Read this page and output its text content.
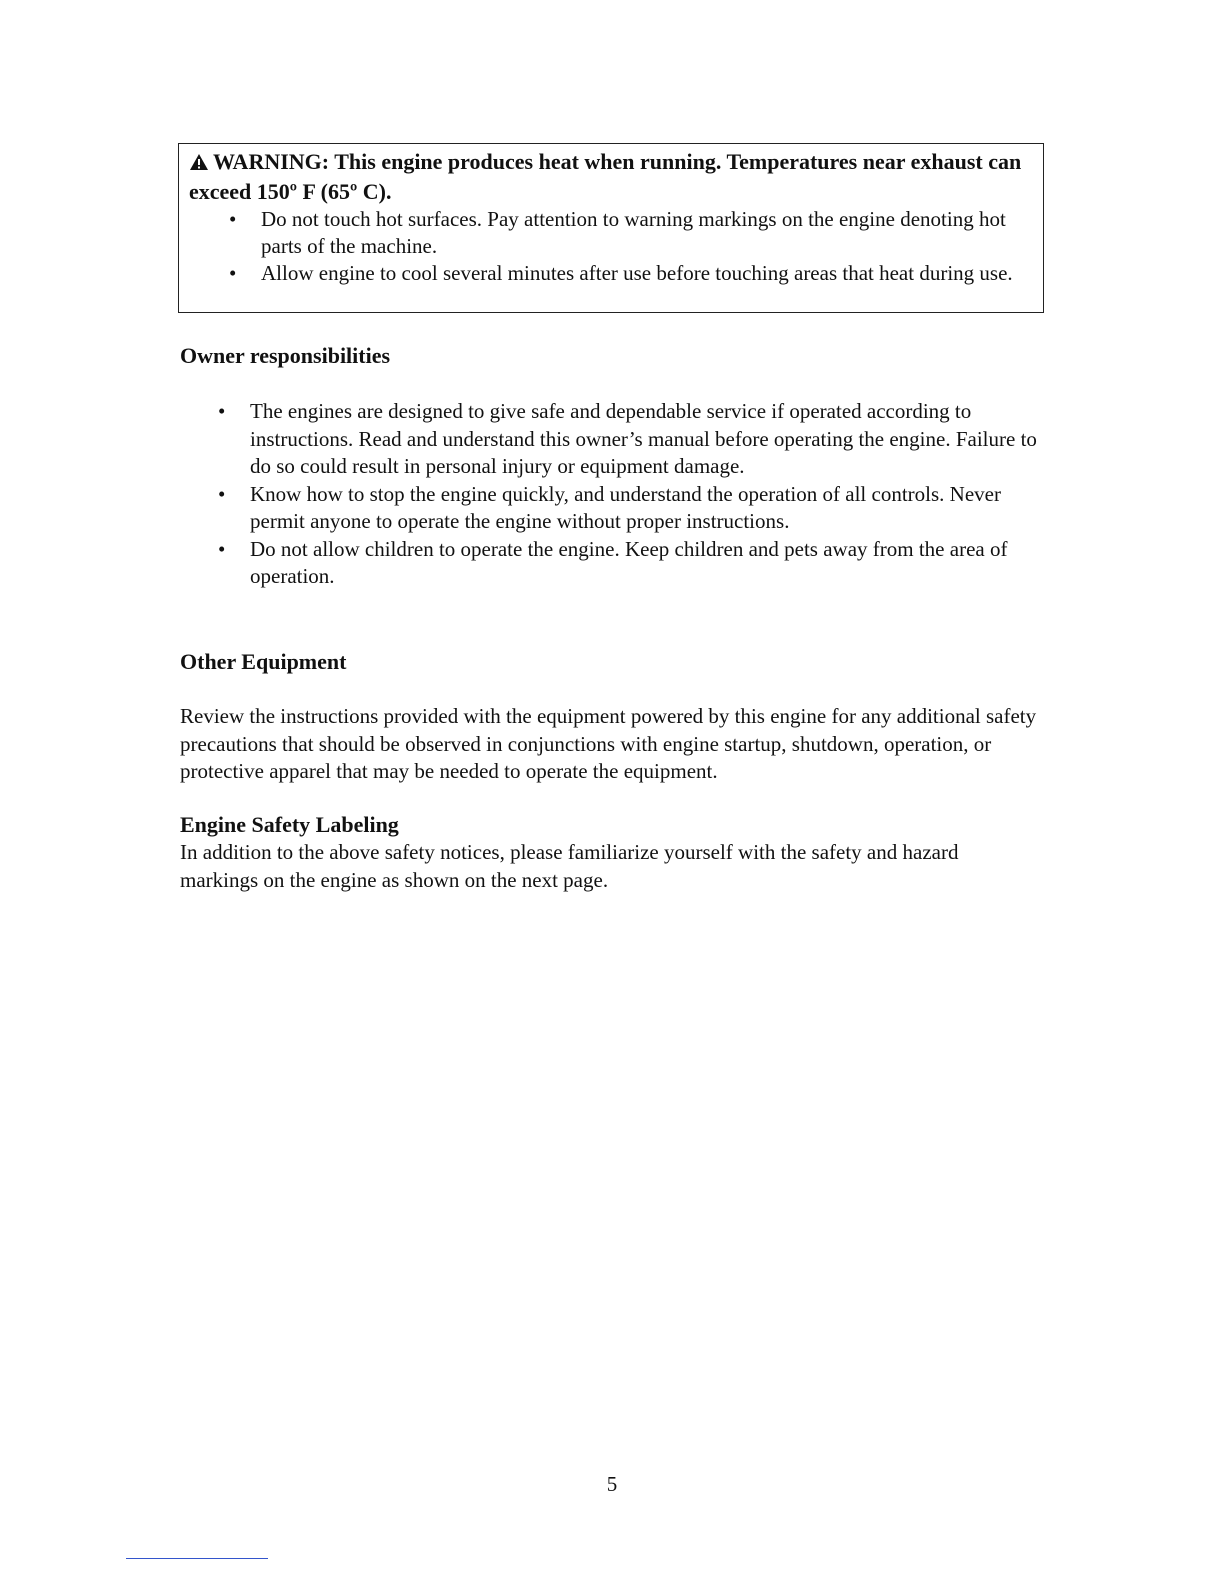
WARNING: This engine produces heat when running. Temperatures near exhaust can exceed 150º F (65º C).

• Do not touch hot surfaces. Pay attention to warning markings on the engine denoting hot parts of the machine.
• Allow engine to cool several minutes after use before touching areas that heat during use.
Owner responsibilities
• The engines are designed to give safe and dependable service if operated according to instructions. Read and understand this owner’s manual before operating the engine. Failure to do so could result in personal injury or equipment damage.
• Know how to stop the engine quickly, and understand the operation of all controls. Never permit anyone to operate the engine without proper instructions.
• Do not allow children to operate the engine. Keep children and pets away from the area of operation.
Other Equipment

Review the instructions provided with the equipment powered by this engine for any additional safety precautions that should be observed in conjunctions with engine startup, shutdown, operation, or protective apparel that may be needed to operate the equipment.

Engine Safety Labeling

In addition to the above safety notices, please familiarize yourself with the safety and hazard markings on the engine as shown on the next page.

5
